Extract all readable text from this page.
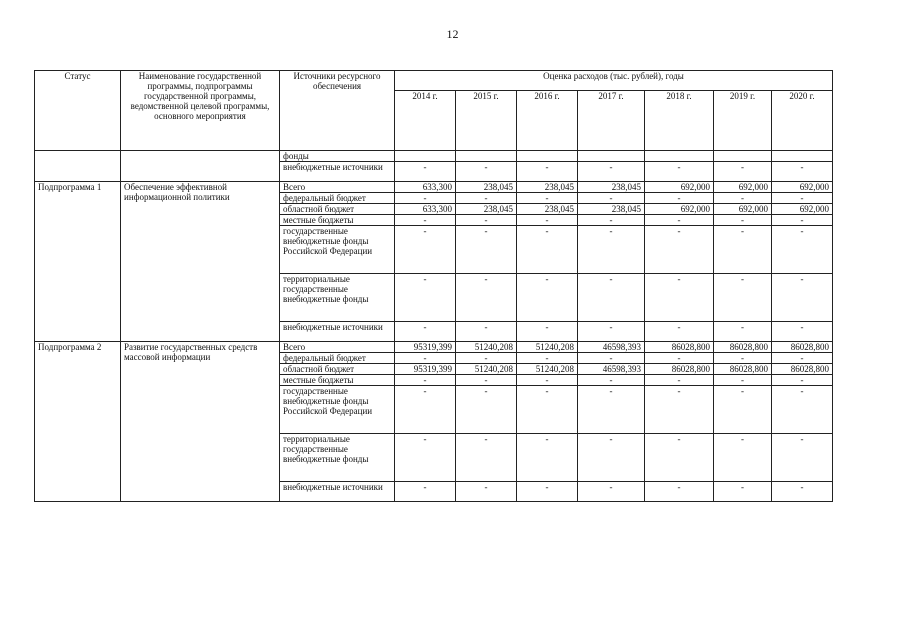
12
Статус	Наименование государственной программы, подпрограммы государственной программы, ведомственной целевой программы, основного мероприятия	Источники ресурсного обеспечения	Оценка расходов (тыс. рублей), годы						
			2014 г.	2015 г.	2016 г.	2017 г.	2018 г.	2019 г.	2020 г.
		фонды							
		внебюджетные источники	-	-	-	-	-	-	-
Подпрограмма 1	Обеспечение эффективной информационной политики	Всего	633,300	238,045	238,045	238,045	692,000	692,000	692,000
		федеральный бюджет	-	-	-	-	-	-	-
		областной бюджет	633,300	238,045	238,045	238,045	692,000	692,000	692,000
		местные бюджеты	-	-	-	-	-	-	-
		государственные внебюджетные фонды Российской Федерации	-	-	-	-	-	-	-
		территориальные государственные внебюджетные фонды	-	-	-	-	-	-	-
		внебюджетные источники	-	-	-	-	-	-	-
Подпрограмма 2	Развитие государственных средств массовой информации	Всего	95319,399	51240,208	51240,208	46598,393	86028,800	86028,800	86028,800
		федеральный бюджет	-	-	-	-	-	-	-
		областной бюджет	95319,399	51240,208	51240,208	46598,393	86028,800	86028,800	86028,800
		местные бюджеты	-	-	-	-	-	-	-
		государственные внебюджетные фонды Российской Федерации	-	-	-	-	-	-	-
		территориальные государственные внебюджетные фонды	-	-	-	-	-	-	-
		внебюджетные источники	-	-	-	-	-	-	-
